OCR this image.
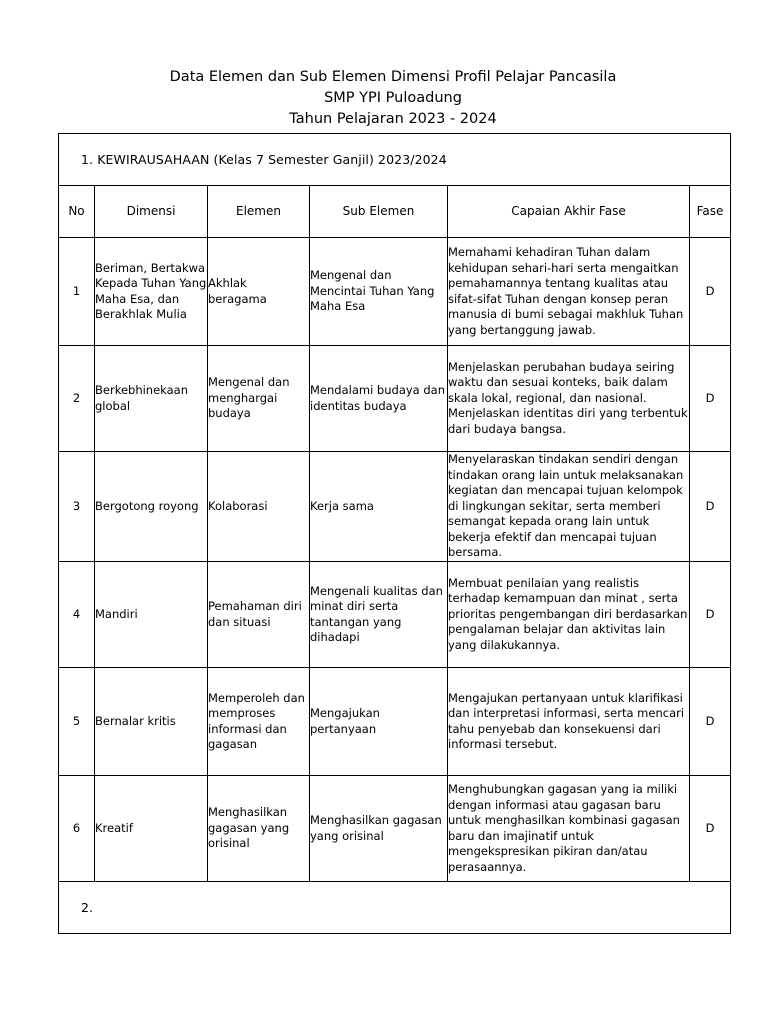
Data Elemen dan Sub Elemen Dimensi Profil Pelajar Pancasila
SMP YPI Puloadung
Tahun Pelajaran 2023 - 2024
1. KEWIRAUSAHAAN (Kelas 7 Semester Ganjil) 2023/2024					

No	Dimensi	Elemen	Sub Elemen	Capaian Akhir Fase	Fase
1	Beriman, Bertakwa Kepada Tuhan Yang Maha Esa, dan Berakhlak Mulia	Akhlak beragama	Mengenal dan Mencintai Tuhan Yang Maha Esa	Memahami kehadiran Tuhan dalam kehidupan sehari-hari serta mengaitkan pemahamannya tentang kualitas atau sifat-sifat Tuhan dengan konsep peran manusia di bumi sebagai makhluk Tuhan yang bertanggung jawab.	D
2	Berkebhinekaan global	Mengenal dan menghargai budaya	Mendalami budaya dan identitas budaya	Menjelaskan perubahan budaya seiring waktu dan sesuai konteks, baik dalam skala lokal, regional, dan nasional. Menjelaskan identitas diri yang terbentuk dari budaya bangsa.	D
3	Bergotong royong	Kolaborasi	Kerja sama	Menyelaraskan tindakan sendiri dengan tindakan orang lain untuk melaksanakan kegiatan dan mencapai tujuan kelompok di lingkungan sekitar, serta memberi semangat kepada orang lain untuk bekerja efektif dan mencapai tujuan bersama.	D
4	Mandiri	Pemahaman diri dan situasi	Mengenali kualitas dan minat diri serta tantangan yang dihadapi	Membuat penilaian yang realistis terhadap kemampuan dan minat , serta prioritas pengembangan diri berdasarkan pengalaman belajar dan aktivitas lain yang dilakukannya.	D
5	Bernalar kritis	Memperoleh dan memproses informasi dan gagasan	Mengajukan pertanyaan	Mengajukan pertanyaan untuk klarifikasi dan interpretasi informasi, serta mencari tahu penyebab dan konsekuensi dari informasi tersebut.	D
6	Kreatif	Menghasilkan gagasan yang orisinal	Menghasilkan gagasan yang orisinal	Menghubungkan gagasan yang ia miliki dengan informasi atau gagasan baru untuk menghasilkan kombinasi gagasan baru dan imajinatif untuk mengekspresikan pikiran dan/atau perasaannya.	D

2.					
